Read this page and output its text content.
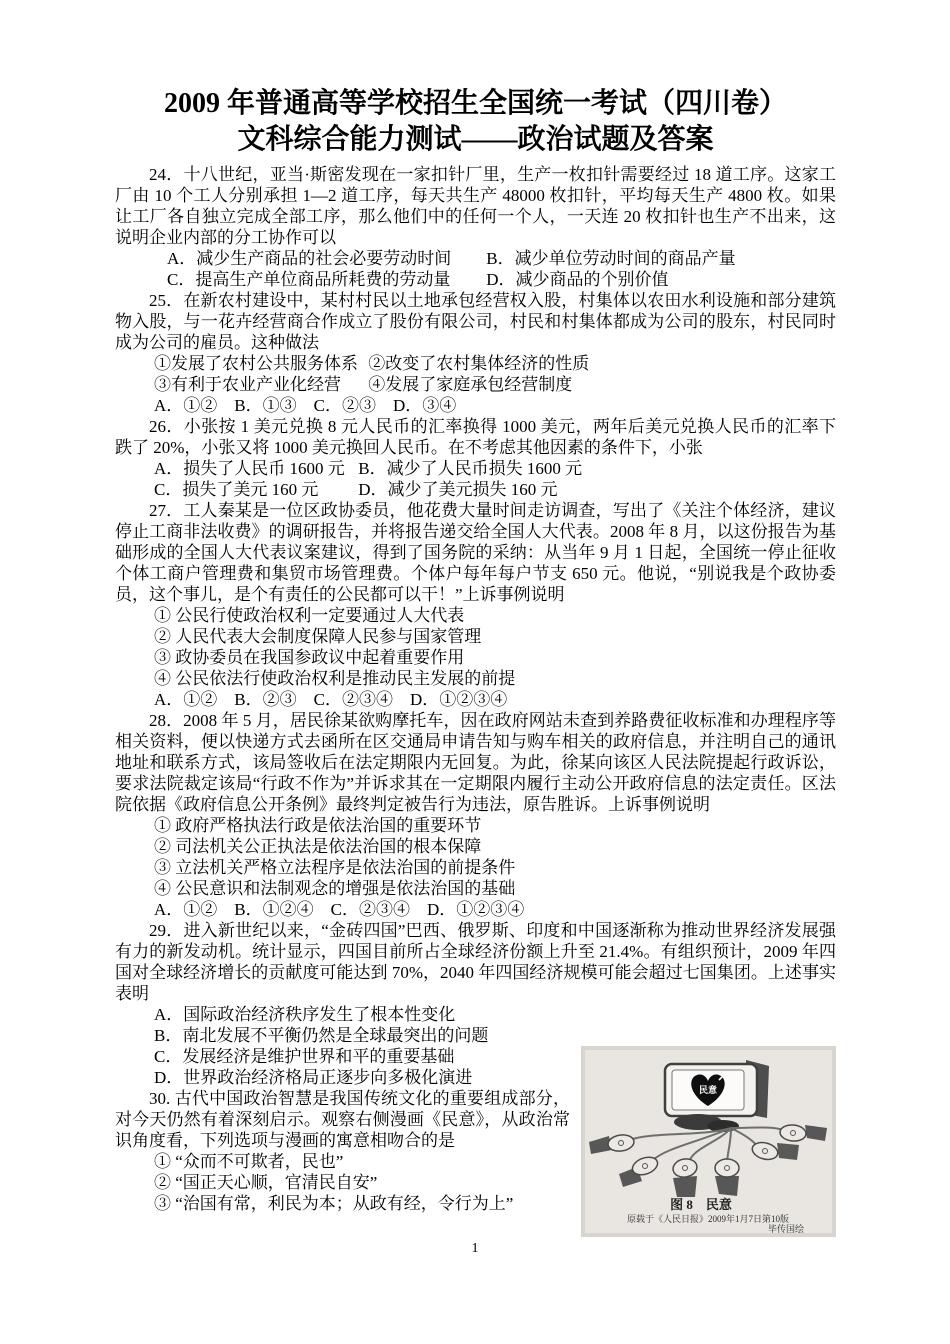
2009 年普通高等学校招生全国统一考试（四川卷）
文科综合能力测试——政治试题及答案

24．十八世纪，亚当·斯密发现在一家扣针厂里，生产一枚扣针需要经过 18 道工序。这家工厂由 10 个工人分别承担 1—2 道工序，每天共生产 48000 枚扣针，平均每天生产 4800 枚。如果让工厂各自独立完成全部工序，那么他们中的任何一个人，一天连 20 枚扣针也生产不出来，这说明企业内部的分工协作可以

A．减少生产商品的社会必要劳动时间 B．减少单位劳动时间的商品产量
C．提高生产单位商品所耗费的劳动量 D．减少商品的个别价值

25．在新农村建设中，某村村民以土地承包经营权入股，村集体以农田水利设施和部分建筑物入股，与一花卉经营商合作成立了股份有限公司，村民和村集体都成为公司的股东，村民同时成为公司的雇员。这种做法

①发展了农村公共服务体系 ②改变了农村集体经济的性质
③有利于农业产业化经营 ④发展了家庭承包经营制度
A．①②　B．①③　C．②③　D．③④

26．小张按 1 美元兑换 8 元人民币的汇率换得 1000 美元，两年后美元兑换人民币的汇率下跌了 20%，小张又将 1000 美元换回人民币。在不考虑其他因素的条件下，小张

A．损失了人民币 1600 元 B．减少了人民币损失 1600 元
C．损失了美元 160 元 D．减少了美元损失 160 元

27．工人秦某是一位区政协委员，他花费大量时间走访调查，写出了《关注个体经济，建议停止工商非法收费》的调研报告，并将报告递交给全国人大代表。2008 年 8 月，以这份报告为基础形成的全国人大代表议案建议，得到了国务院的采纳：从当年 9 月 1 日起，全国统一停止征收个体工商户管理费和集贸市场管理费。个体户每年每户节支 650 元。他说，“别说我是个政协委员，这个事儿，是个有责任的公民都可以干！”上诉事例说明

① 公民行使政治权利一定要通过人大代表
② 人民代表大会制度保障人民参与国家管理
③ 政协委员在我国参政议中起着重要作用
④ 公民依法行使政治权利是推动民主发展的前提
A．①②　B．②③　C．②③④　D．①②③④

28．2008 年 5 月，居民徐某欲购摩托车，因在政府网站未查到养路费征收标准和办理程序等相关资料，便以快递方式去函所在区交通局申请告知与购车相关的政府信息，并注明自己的通讯地址和联系方式，该局签收后在法定期限内无回复。为此，徐某向该区人民法院提起行政诉讼，要求法院裁定该局“行政不作为”并诉求其在一定期限内履行主动公开政府信息的法定责任。区法院依据《政府信息公开条例》最终判定被告行为违法，原告胜诉。上诉事例说明

① 政府严格执法行政是依法治国的重要环节
② 司法机关公正执法是依法治国的根本保障
③ 立法机关严格立法程序是依法治国的前提条件
④ 公民意识和法制观念的增强是依法治国的基础
A．①②　B．①②④　C．②③④　D．①②③④

29．进入新世纪以来，“金砖四国”巴西、俄罗斯、印度和中国逐渐称为推动世界经济发展强有力的新发动机。统计显示，四国目前所占全球经济份额上升至 21.4%。有组织预计，2009 年四国对全球经济增长的贡献度可能达到 70%，2040 年四国经济规模可能会超过七国集团。上述事实表明

A．国际政治经济秩序发生了根本性变化
B．南北发展不平衡仍然是全球最突出的问题
民意
图 8　民意
原载于《人民日报》2009年1月7日第10版
毕传国绘
C．发展经济是维护世界和平的重要基础
D．世界政治经济格局正逐步向多极化演进

30. 古代中国政治智慧是我国传统文化的重要组成部分，对今天仍然有着深刻启示。观察右侧漫画《民意》，从政治常识角度看，下列选项与漫画的寓意相吻合的是

① “众而不可欺者，民也”
② “国正天心顺，官清民自安”
③ “治国有常，利民为本；从政有经，令行为上”
1
